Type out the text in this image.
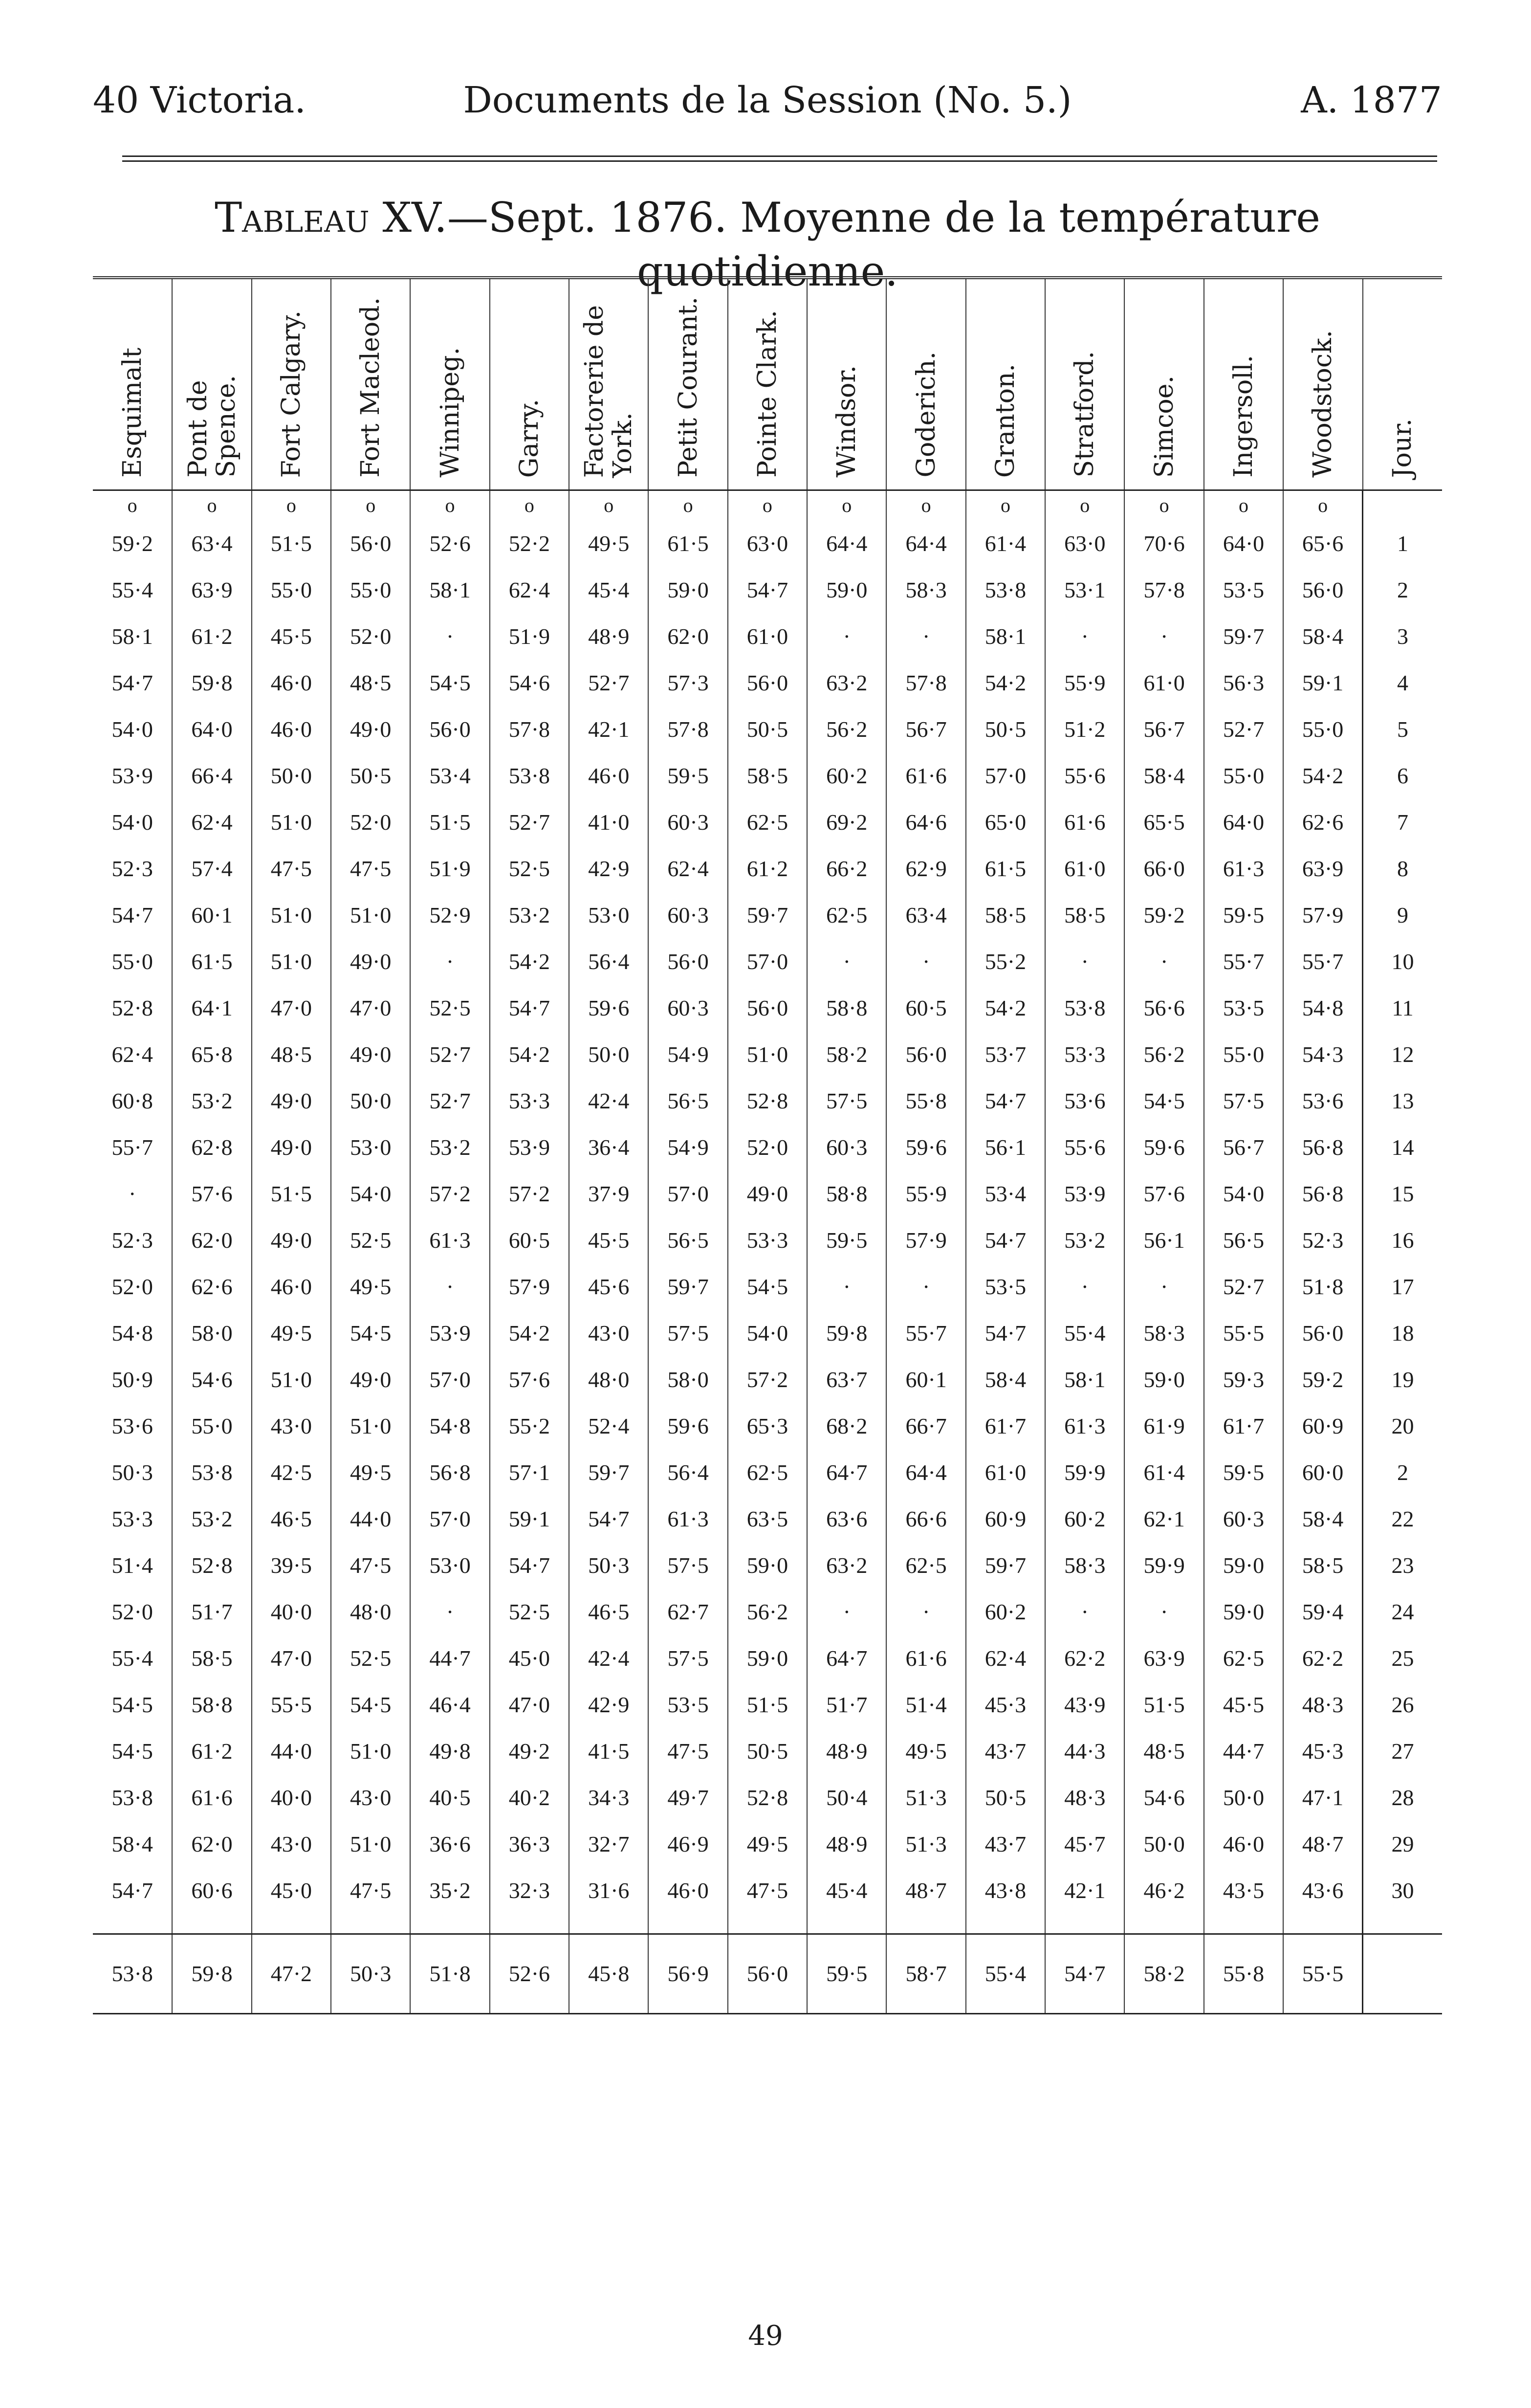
40 Victoria.	Documents de la Session (No. 5.)	A. 1877
Tableau XV.—Sept. 1876. Moyenne de la température quotidienne.
Esquimalt	Pont de
Spence.	Fort Calgary.	Fort Macleod.	Winnipeg.	Garry.	Factorerie de
York.	Petit Courant.	Pointe Clark.	Windsor.	Goderich.	Granton.	Stratford.	Simcoe.	Ingersoll.	Woodstock.	Jour.

o	o	o	o	o	o	o	o	o	o	o	o	o	o	o	o	
59·2	63·4	51·5	56·0	52·6	52·2	49·5	61·5	63·0	64·4	64·4	61·4	63·0	70·6	64·0	65·6	1
55·4	63·9	55·0	55·0	58·1	62·4	45·4	59·0	54·7	59·0	58·3	53·8	53·1	57·8	53·5	56·0	2
58·1	61·2	45·5	52·0	·	51·9	48·9	62·0	61·0	·	·	58·1	·	·	59·7	58·4	3
54·7	59·8	46·0	48·5	54·5	54·6	52·7	57·3	56·0	63·2	57·8	54·2	55·9	61·0	56·3	59·1	4
54·0	64·0	46·0	49·0	56·0	57·8	42·1	57·8	50·5	56·2	56·7	50·5	51·2	56·7	52·7	55·0	5
53·9	66·4	50·0	50·5	53·4	53·8	46·0	59·5	58·5	60·2	61·6	57·0	55·6	58·4	55·0	54·2	6
54·0	62·4	51·0	52·0	51·5	52·7	41·0	60·3	62·5	69·2	64·6	65·0	61·6	65·5	64·0	62·6	7
52·3	57·4	47·5	47·5	51·9	52·5	42·9	62·4	61·2	66·2	62·9	61·5	61·0	66·0	61·3	63·9	8
54·7	60·1	51·0	51·0	52·9	53·2	53·0	60·3	59·7	62·5	63·4	58·5	58·5	59·2	59·5	57·9	9
55·0	61·5	51·0	49·0	·	54·2	56·4	56·0	57·0	·	·	55·2	·	·	55·7	55·7	10
52·8	64·1	47·0	47·0	52·5	54·7	59·6	60·3	56·0	58·8	60·5	54·2	53·8	56·6	53·5	54·8	11
62·4	65·8	48·5	49·0	52·7	54·2	50·0	54·9	51·0	58·2	56·0	53·7	53·3	56·2	55·0	54·3	12
60·8	53·2	49·0	50·0	52·7	53·3	42·4	56·5	52·8	57·5	55·8	54·7	53·6	54·5	57·5	53·6	13
55·7	62·8	49·0	53·0	53·2	53·9	36·4	54·9	52·0	60·3	59·6	56·1	55·6	59·6	56·7	56·8	14
·	57·6	51·5	54·0	57·2	57·2	37·9	57·0	49·0	58·8	55·9	53·4	53·9	57·6	54·0	56·8	15
52·3	62·0	49·0	52·5	61·3	60·5	45·5	56·5	53·3	59·5	57·9	54·7	53·2	56·1	56·5	52·3	16
52·0	62·6	46·0	49·5	·	57·9	45·6	59·7	54·5	·	·	53·5	·	·	52·7	51·8	17
54·8	58·0	49·5	54·5	53·9	54·2	43·0	57·5	54·0	59·8	55·7	54·7	55·4	58·3	55·5	56·0	18
50·9	54·6	51·0	49·0	57·0	57·6	48·0	58·0	57·2	63·7	60·1	58·4	58·1	59·0	59·3	59·2	19
53·6	55·0	43·0	51·0	54·8	55·2	52·4	59·6	65·3	68·2	66·7	61·7	61·3	61·9	61·7	60·9	20
50·3	53·8	42·5	49·5	56·8	57·1	59·7	56·4	62·5	64·7	64·4	61·0	59·9	61·4	59·5	60·0	2
53·3	53·2	46·5	44·0	57·0	59·1	54·7	61·3	63·5	63·6	66·6	60·9	60·2	62·1	60·3	58·4	22
51·4	52·8	39·5	47·5	53·0	54·7	50·3	57·5	59·0	63·2	62·5	59·7	58·3	59·9	59·0	58·5	23
52·0	51·7	40·0	48·0	·	52·5	46·5	62·7	56·2	·	·	60·2	·	·	59·0	59·4	24
55·4	58·5	47·0	52·5	44·7	45·0	42·4	57·5	59·0	64·7	61·6	62·4	62·2	63·9	62·5	62·2	25
54·5	58·8	55·5	54·5	46·4	47·0	42·9	53·5	51·5	51·7	51·4	45·3	43·9	51·5	45·5	48·3	26
54·5	61·2	44·0	51·0	49·8	49·2	41·5	47·5	50·5	48·9	49·5	43·7	44·3	48·5	44·7	45·3	27
53·8	61·6	40·0	43·0	40·5	40·2	34·3	49·7	52·8	50·4	51·3	50·5	48·3	54·6	50·0	47·1	28
58·4	62·0	43·0	51·0	36·6	36·3	32·7	46·9	49·5	48·9	51·3	43·7	45·7	50·0	46·0	48·7	29
54·7	60·6	45·0	47·5	35·2	32·3	31·6	46·0	47·5	45·4	48·7	43·8	42·1	46·2	43·5	43·6	30

53·8	59·8	47·2	50·3	51·8	52·6	45·8	56·9	56·0	59·5	58·7	55·4	54·7	58·2	55·8	55·5	
49
